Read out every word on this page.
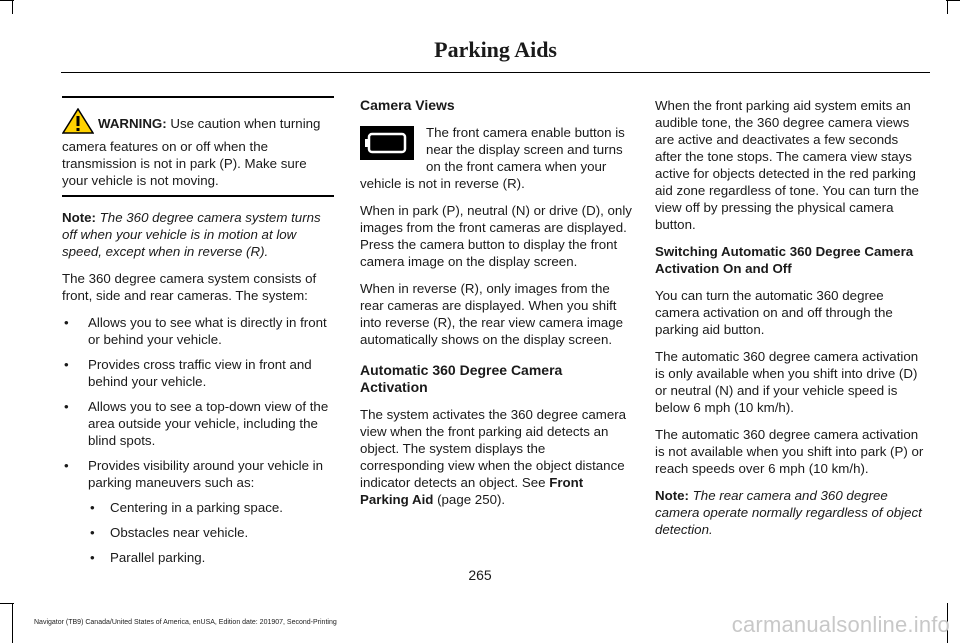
Parking Aids

WARNING: Use caution when turning camera features on or off when the transmission is not in park (P). Make sure your vehicle is not moving.

Note: The 360 degree camera system turns off when your vehicle is in motion at low speed, except when in reverse (R).

The 360 degree camera system consists of front, side and rear cameras. The system:

• Allows you to see what is directly in front or behind your vehicle.
• Provides cross traffic view in front and behind your vehicle.
• Allows you to see a top-down view of the area outside your vehicle, including the blind spots.
• Provides visibility around your vehicle in parking maneuvers such as:
• Centering in a parking space.
• Obstacles near vehicle.
• Parallel parking.
Camera Views

The front camera enable button is near the display screen and turns on the front camera when your vehicle is not in reverse (R).

When in park (P), neutral (N) or drive (D), only images from the front cameras are displayed. Press the camera button to display the front camera image on the display screen.

When in reverse (R), only images from the rear cameras are displayed. When you shift into reverse (R), the rear view camera image automatically shows on the display screen.

Automatic 360 Degree Camera Activation

The system activates the 360 degree camera view when the front parking aid detects an object. The system displays the corresponding view when the object distance indicator detects an object. See Front Parking Aid (page 250).

When the front parking aid system emits an audible tone, the 360 degree camera views are active and deactivates a few seconds after the tone stops. The camera view stays active for objects detected in the red parking aid zone regardless of tone. You can turn the view off by pressing the physical camera button.

Switching Automatic 360 Degree Camera Activation On and Off

You can turn the automatic 360 degree camera activation on and off through the parking aid button.

The automatic 360 degree camera activation is only available when you shift into drive (D) or neutral (N) and if your vehicle speed is below 6 mph (10 km/h).

The automatic 360 degree camera activation is not available when you shift into park (P) or reach speeds over 6 mph (10 km/h).

Note: The rear camera and 360 degree camera operate normally regardless of object detection.

265
Navigator (TB9) Canada/United States of America, enUSA, Edition date: 201907, Second-Printing	carmanualsonline.info
